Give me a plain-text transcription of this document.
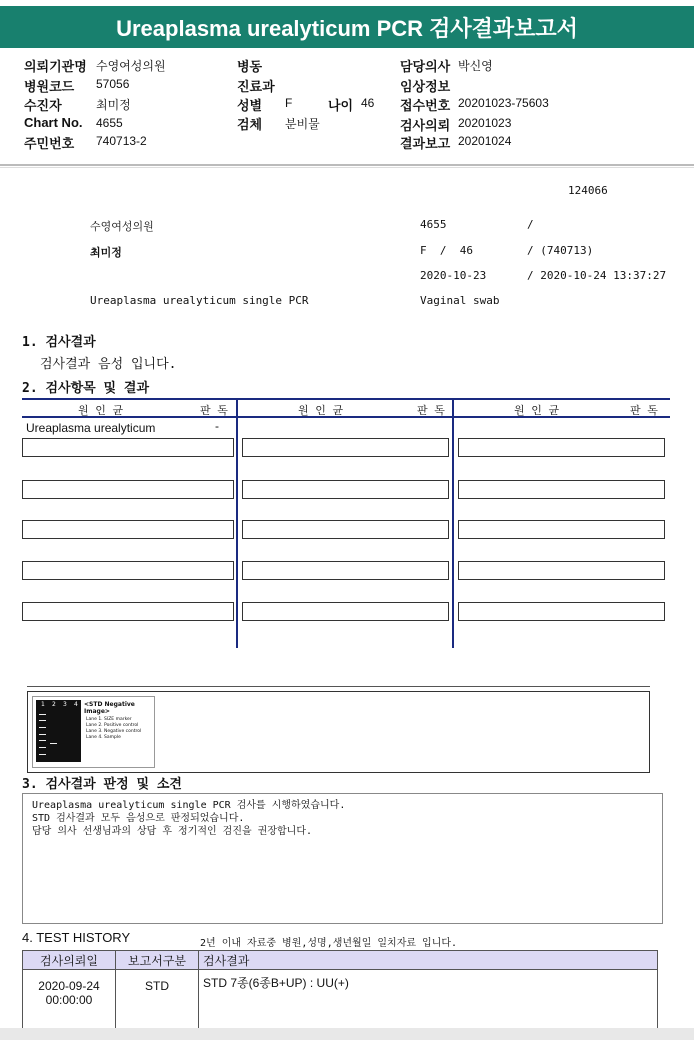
Ureaplasma urealyticum PCR 검사결과보고서
의뢰기관명 수영여성의원
병원코드 57056
수진자	최미정
Chart No. 4655
주민번호 740713-2
병동
진료과
성별 F	나이 46
검체 분비물
담당의사 박신영
임상정보
접수번호 20201023-75603
검사의뢰 20201023
결과보고 20201024
124066
수영여성의원	4655	/
최미정	F  /  46	/ (740713)
2020-10-23	/ 2020-10-24 13:37:27
Ureaplasma urealyticum single PCR	Vaginal swab
1. 검사결과
검사결과 음성 입니다.
2. 검사항목 및 결과
원 인 균	판 독	원 인 균	판 독	원 인 균	판 독
Ureaplasma urealyticum	-
1 2 3 4 <STD Negative Image>
Lane 1. SIZE marker
Lane 2. Positive control
Lane 3. Negative control
Lane 4. Sample
3. 검사결과 판정 및 소견
Ureaplasma urealyticum single PCR 검사를 시행하였습니다.
STD 검사결과 모두 음성으로 판정되었습니다.
담당 의사 선생님과의 상담 후 정기적인 검진을 권장합니다.
4. TEST HISTORY	2년 이내 자료중 병원,성명,생년월일 일치자료 입니다.
검사의뢰일	보고서구분	검사결과

2020-09-24
00:00:00	STD	STD 7종(6종B+UP) : UU(+)
